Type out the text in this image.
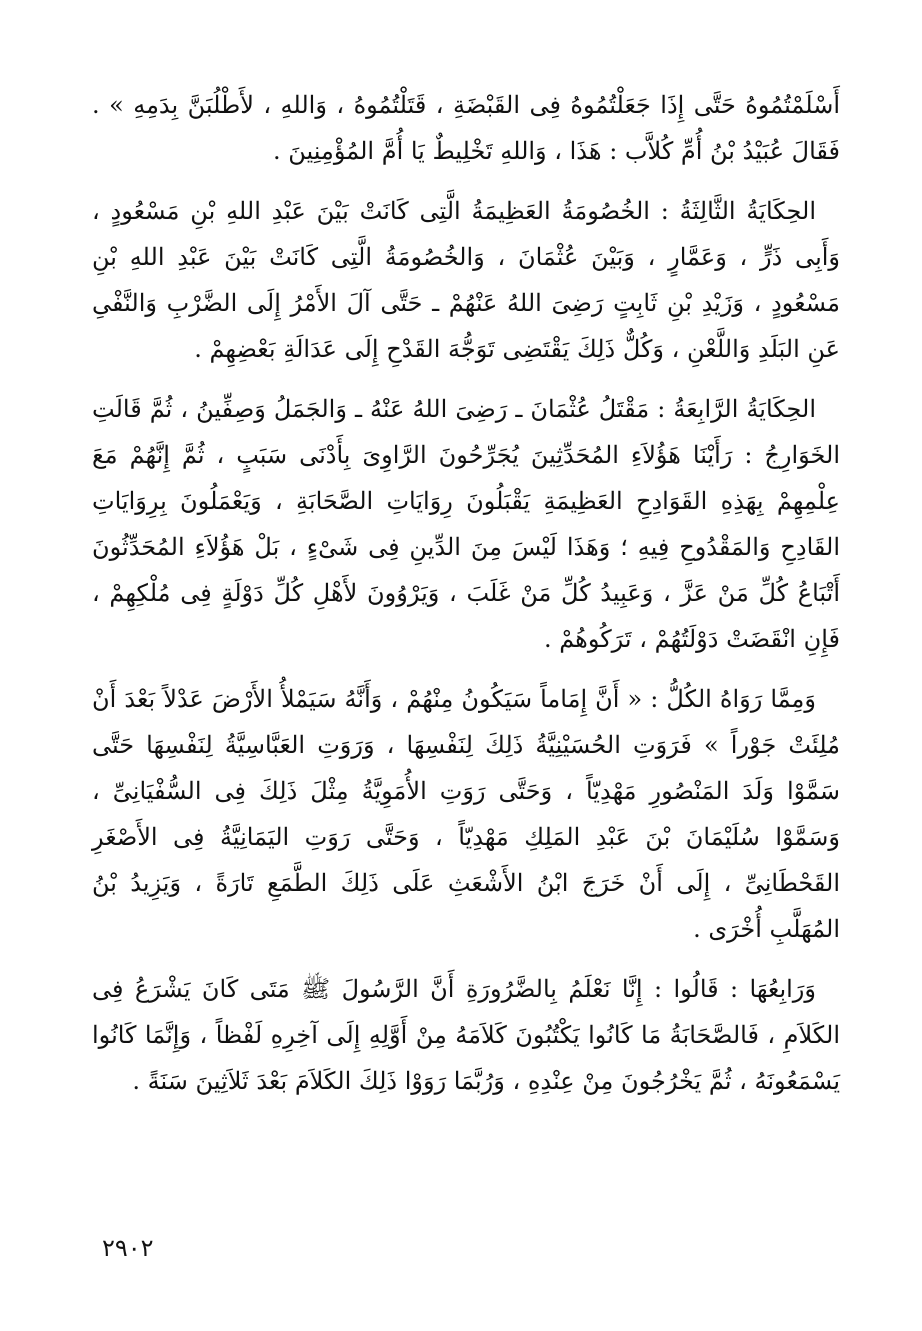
أَسْلَمْتُمُوهُ حَتَّى إِذَا جَعَلْتُمُوهُ فِى القَبْضَةِ ، قَتَلْتُمُوهُ ، وَاللهِ ، لأَطْلُبَنَّ بِدَمِهِ » . فَقَالَ عُبَيْدُ بْنُ أُمِّ كُلاَّب : هَذَا ، وَاللهِ تَخْلِيطٌ يَا أُمَّ المُؤْمِنِينَ .

الحِكَايَةُ الثَّالِثَةُ : الخُصُومَةُ العَظِيمَةُ الَّتِى كَانَتْ بَيْنَ عَبْدِ اللهِ بْنِ مَسْعُودٍ ، وَأَبِى ذَرٍّ ، وَعَمَّارٍ ، وَبَيْنَ عُثْمَانَ ، وَالخُصُومَةُ الَّتِى كَانَتْ بَيْنَ عَبْدِ اللهِ بْنِ مَسْعُودٍ ، وَزَيْدِ بْنِ ثَابِتٍ رَضِىَ اللهُ عَنْهُمْ ـ حَتَّى آلَ الأَمْرُ إِلَى الضَّرْبِ وَالنَّفْىِ عَنِ البَلَدِ وَاللَّعْنِ ، وَكُلٌّ ذَلِكَ يَقْتَضِى تَوَجُّهَ القَدْحِ إِلَى عَدَالَةِ بَعْضِهِمْ .

الحِكَايَةُ الرَّابِعَةُ : مَقْتَلُ عُثْمَانَ ـ رَضِىَ اللهُ عَنْهُ ـ وَالجَمَلُ وَصِفِّينُ ، ثُمَّ قَالَتِ الخَوَارِجُ : رَأَيْنَا هَؤُلاَءِ المُحَدِّثِينَ يُجَرِّحُونَ الرَّاوِىَ بِأَدْنَى سَبَبٍ ، ثُمَّ إِنَّهُمْ مَعَ عِلْمِهِمْ بِهَذِهِ القَوَادِحِ العَظِيمَةِ يَقْبَلُونَ رِوَايَاتِ الصَّحَابَةِ ، وَيَعْمَلُونَ بِرِوَايَاتِ القَادِحِ وَالمَقْدُوحِ فِيهِ ؛ وَهَذَا لَيْسَ مِنَ الدِّينِ فِى شَىْءٍ ، بَلْ هَؤُلاَءِ المُحَدِّثُونَ أَتْبَاعُ كُلِّ مَنْ عَزَّ ، وَعَبِيدُ كُلِّ مَنْ غَلَبَ ، وَيَرْوُونَ لأَهْلِ كُلِّ دَوْلَةٍ فِى مُلْكِهِمْ ، فَإِنِ انْقَضَتْ دَوْلَتُهُمْ ، تَرَكُوهُمْ .

وَمِمَّا رَوَاهُ الكُلُّ : « أَنَّ إِمَاماً سَيَكُونُ مِنْهُمْ ، وَأَنَّهُ سَيَمْلأُ الأَرْضَ عَدْلاً بَعْدَ أَنْ مُلِئَتْ جَوْراً » فَرَوَتِ الحُسَيْنِيَّةُ ذَلِكَ لِنَفْسِهَا ، وَرَوَتِ العَبَّاسِيَّةُ لِنَفْسِهَا حَتَّى سَمَّوْا وَلَدَ المَنْصُورِ مَهْدِيّاً ، وَحَتَّى رَوَتِ الأُمَوِيَّةُ مِثْلَ ذَلِكَ فِى السُّفْيَانِىِّ ، وَسَمَّوْا سُلَيْمَانَ بْنَ عَبْدِ المَلِكِ مَهْدِيّاً ، وَحَتَّى رَوَتِ اليَمَانِيَّةُ فِى الأَصْغَرِ القَحْطَانِىِّ ، إِلَى أَنْ خَرَجَ ابْنُ الأَشْعَثِ عَلَى ذَلِكَ الطَّمَعِ تَارَةً ، وَيَزِيدُ بْنُ المُهَلَّبِ أُخْرَى .

وَرَابِعُهَا : قَالُوا : إِنَّا نَعْلَمُ بِالضَّرُورَةِ أَنَّ الرَّسُولَ ﷺ مَتَى كَانَ يَشْرَعُ فِى الكَلاَمِ ، فَالصَّحَابَةُ مَا كَانُوا يَكْتُبُونَ كَلاَمَهُ مِنْ أَوَّلِهِ إِلَى آخِرِهِ لَفْظاً ، وَإِنَّمَا كَانُوا يَسْمَعُونَهُ ، ثُمَّ يَخْرُجُونَ مِنْ عِنْدِهِ ، وَرُبَّمَا رَوَوْا ذَلِكَ الكَلاَمَ بَعْدَ ثَلاَثِينَ سَنَةً .

٢٩٠٢
